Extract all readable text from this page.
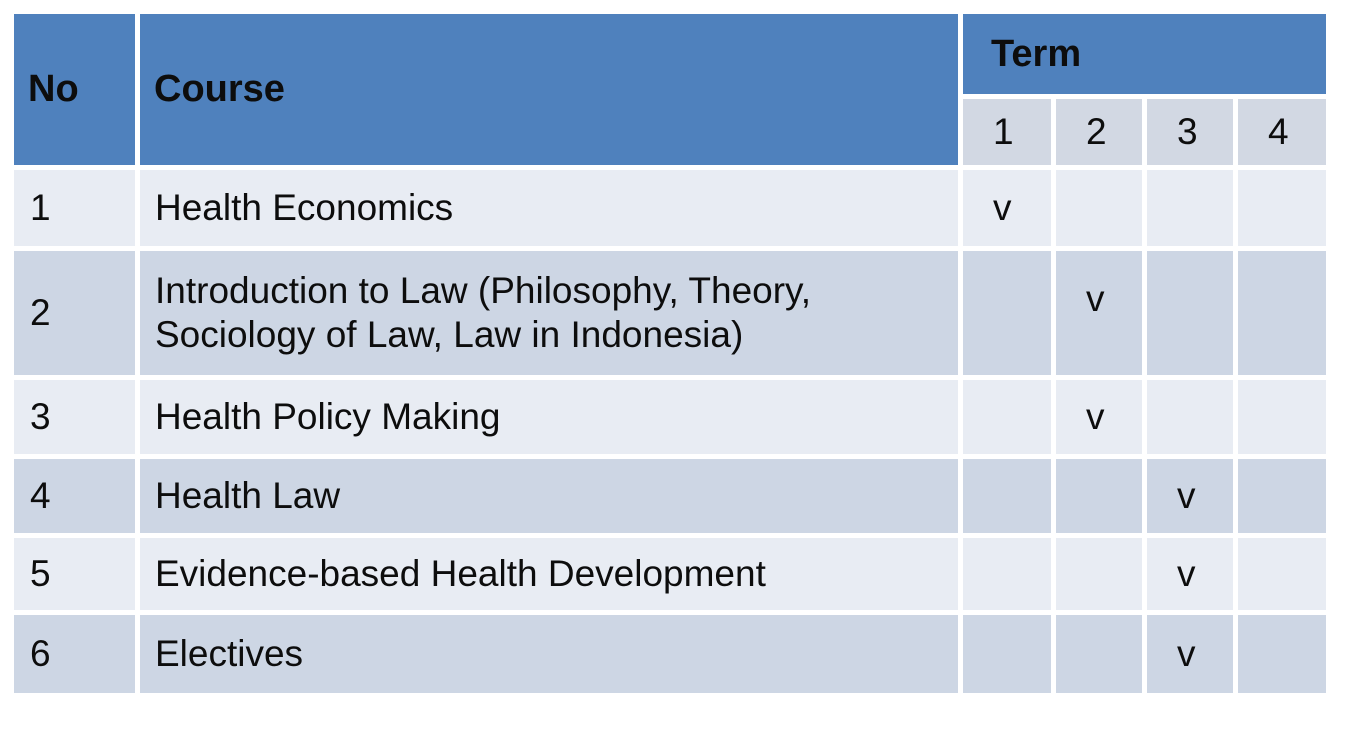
No	Course	Term			
		1	2	3	4
1	Health Economics	v			
2	Introduction to Law (Philosophy, Theory, Sociology of Law, Law in Indonesia)		v		
3	Health Policy Making		v		
4	Health Law			v	
5	Evidence-based Health Development			v	
6	Electives			v	
